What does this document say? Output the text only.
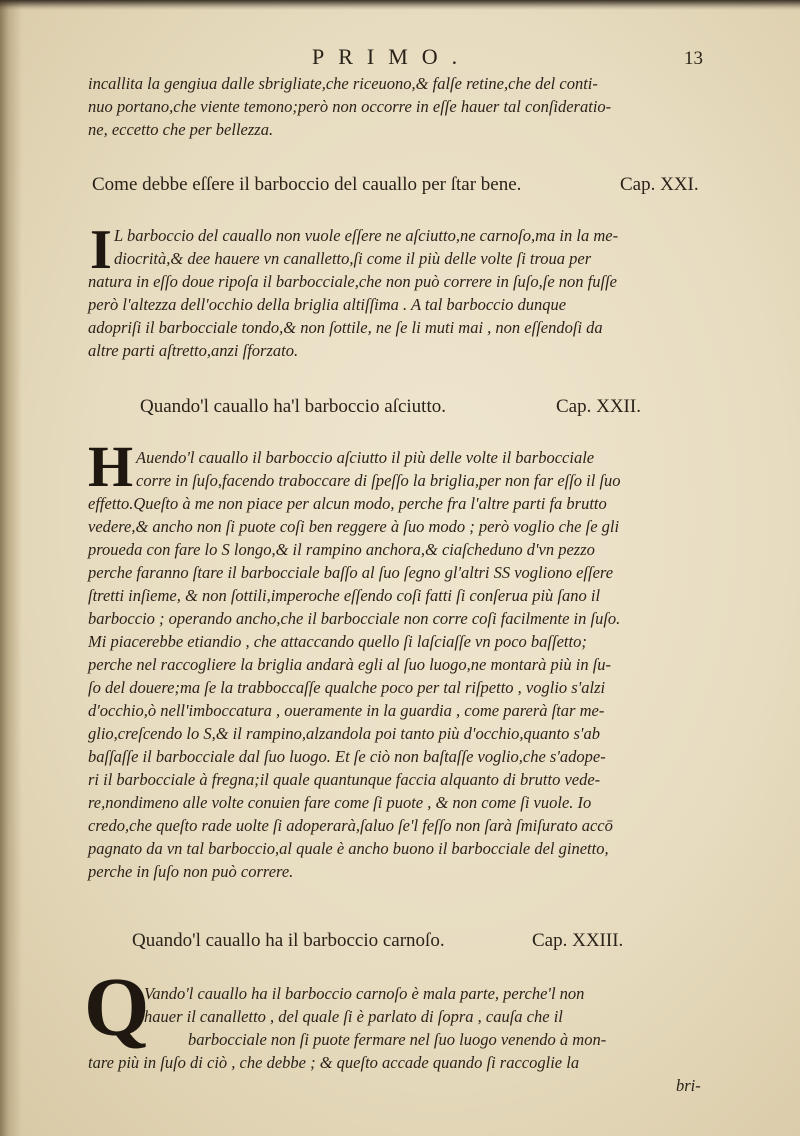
PRIMO.	13
incallita la gengiua dalle sbrigliate,che riceuono,& falſe retine,che del conti-
nuo portano,che viente temono;però non occorre in eſſe hauer tal conſideratio-
ne, eccetto che per bellezza.
Come debbe eſſere il barboccio del cauallo per ſtar bene.	Cap. XXI.
I L barboccio del cauallo non vuole eſſere ne aſciutto,ne carnoſo,ma in la me-
diocrità,& dee hauere vn canalletto,ſi come il più delle volte ſi troua per
natura in eſſo doue ripoſa il barbocciale,che non può correre in ſuſo,ſe non fuſſe
però l'altezza dell'occhio della briglia altiſſima . A tal barboccio dunque
adopriſi il barbocciale tondo,& non ſottile, ne ſe li muti mai , non eſſendoſi da
altre parti aſtretto,anzi ſforzato.
Quando'l cauallo ha'l barboccio aſciutto.	Cap. XXII.
H Auendo'l cauallo il barboccio aſciutto il più delle volte il barbocciale
corre in ſuſo,facendo traboccare di ſpeſſo la briglia,per non far eſſo il ſuo
effetto.Queſto à me non piace per alcun modo, perche fra l'altre parti fa brutto
vedere,& ancho non ſi puote coſi ben reggere à ſuo modo ; però voglio che ſe gli
proueda con fare lo S longo,& il rampino anchora,& ciaſcheduno d'vn pezzo
perche faranno ſtare il barbocciale baſſo al ſuo ſegno gl'altri SS vogliono eſſere
ſtretti inſieme, & non ſottili,imperoche eſſendo coſi fatti ſi conſerua più ſano il
barboccio ; operando ancho,che il barbocciale non corre coſi facilmente in ſuſo.
Mi piacerebbe etiandio , che attaccando quello ſi laſciaſſe vn poco baſſetto;
perche nel raccogliere la briglia andarà egli al ſuo luogo,ne montarà più in ſu-
ſo del douere;ma ſe la trabboccaſſe qualche poco per tal riſpetto , voglio s'alzi
d'occhio,ò nell'imboccatura , oueramente in la guardia , come parerà ſtar me-
glio,creſcendo lo S,& il rampino,alzandola poi tanto più d'occhio,quanto s'ab
baſſaſſe il barbocciale dal ſuo luogo. Et ſe ciò non baſtaſſe voglio,che s'adope-
ri il barbocciale à fregna;il quale quantunque faccia alquanto di brutto vede-
re,nondimeno alle volte conuien fare come ſi puote , & non come ſi vuole. Io
credo,che queſto rade uolte ſi adoperarà,ſaluo ſe'l feſſo non ſarà ſmiſurato accō
pagnato da vn tal barboccio,al quale è ancho buono il barbocciale del ginetto,
perche in ſuſo non può correre.
Quando'l cauallo ha il barboccio carnoſo.	Cap. XXIII.
Q
Vando'l cauallo ha il barboccio carnoſo è mala parte, perche'l non
hauer il canalletto , del quale ſi è parlato di ſopra , cauſa che il
barbocciale non ſi puote fermare nel ſuo luogo venendo à mon-
tare più in ſuſo di ciò , che debbe ; & queſto accade quando ſi raccoglie la
bri-
